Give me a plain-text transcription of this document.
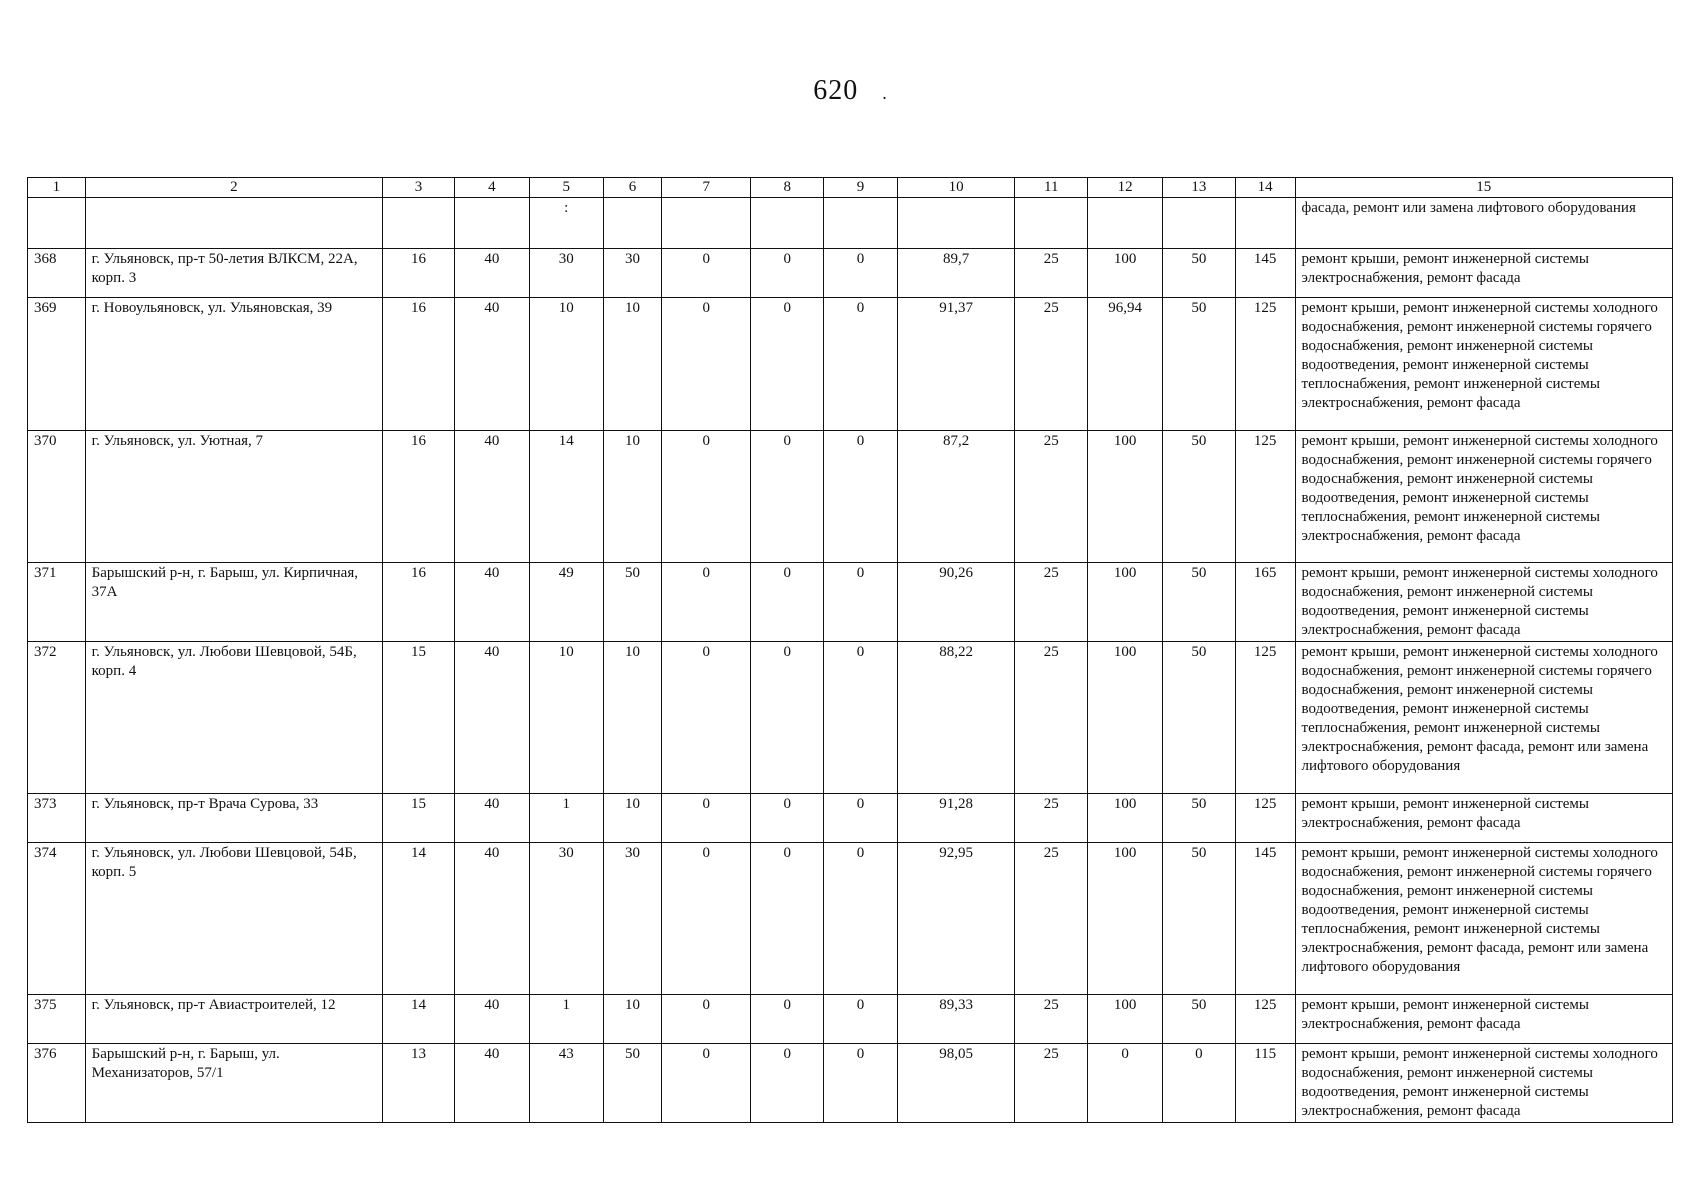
620 .
1	2	3	4	5	6	7	8	9	10	11	12	13	14	15
				:										фасада, ремонт или замена лифтового оборудования
368	г. Ульяновск, пр-т 50-летия ВЛКСМ, 22А, корп. 3	16	40	30	30	0	0	0	89,7	25	100	50	145	ремонт крыши, ремонт инженерной системы электроснабжения, ремонт фасада
369	г. Новоульяновск, ул. Ульяновская, 39	16	40	10	10	0	0	0	91,37	25	96,94	50	125	ремонт крыши, ремонт инженерной системы холодного водоснабжения, ремонт инженерной системы горячего водоснабжения, ремонт инженерной системы водоотведения, ремонт инженерной системы теплоснабжения, ремонт инженерной системы электроснабжения, ремонт фасада
370	г. Ульяновск, ул. Уютная, 7	16	40	14	10	0	0	0	87,2	25	100	50	125	ремонт крыши, ремонт инженерной системы холодного водоснабжения, ремонт инженерной системы горячего водоснабжения, ремонт инженерной системы водоотведения, ремонт инженерной системы теплоснабжения, ремонт инженерной системы электроснабжения, ремонт фасада
371	Барышский р-н, г. Барыш, ул. Кирпичная, 37А	16	40	49	50	0	0	0	90,26	25	100	50	165	ремонт крыши, ремонт инженерной системы холодного водоснабжения, ремонт инженерной системы водоотведения, ремонт инженерной системы электроснабжения, ремонт фасада
372	г. Ульяновск, ул. Любови Шевцовой, 54Б, корп. 4	15	40	10	10	0	0	0	88,22	25	100	50	125	ремонт крыши, ремонт инженерной системы холодного водоснабжения, ремонт инженерной системы горячего водоснабжения, ремонт инженерной системы водоотведения, ремонт инженерной системы теплоснабжения, ремонт инженерной системы электроснабжения, ремонт фасада, ремонт или замена лифтового оборудования
373	г. Ульяновск, пр-т Врача Сурова, 33	15	40	1	10	0	0	0	91,28	25	100	50	125	ремонт крыши, ремонт инженерной системы электроснабжения, ремонт фасада
374	г. Ульяновск, ул. Любови Шевцовой, 54Б, корп. 5	14	40	30	30	0	0	0	92,95	25	100	50	145	ремонт крыши, ремонт инженерной системы холодного водоснабжения, ремонт инженерной системы горячего водоснабжения, ремонт инженерной системы водоотведения, ремонт инженерной системы теплоснабжения, ремонт инженерной системы электроснабжения, ремонт фасада, ремонт или замена лифтового оборудования
375	г. Ульяновск, пр-т Авиастроителей, 12	14	40	1	10	0	0	0	89,33	25	100	50	125	ремонт крыши, ремонт инженерной системы электроснабжения, ремонт фасада
376	Барышский р-н, г. Барыш, ул. Механизаторов, 57/1	13	40	43	50	0	0	0	98,05	25	0	0	115	ремонт крыши, ремонт инженерной системы холодного водоснабжения, ремонт инженерной системы водоотведения, ремонт инженерной системы электроснабжения, ремонт фасада
